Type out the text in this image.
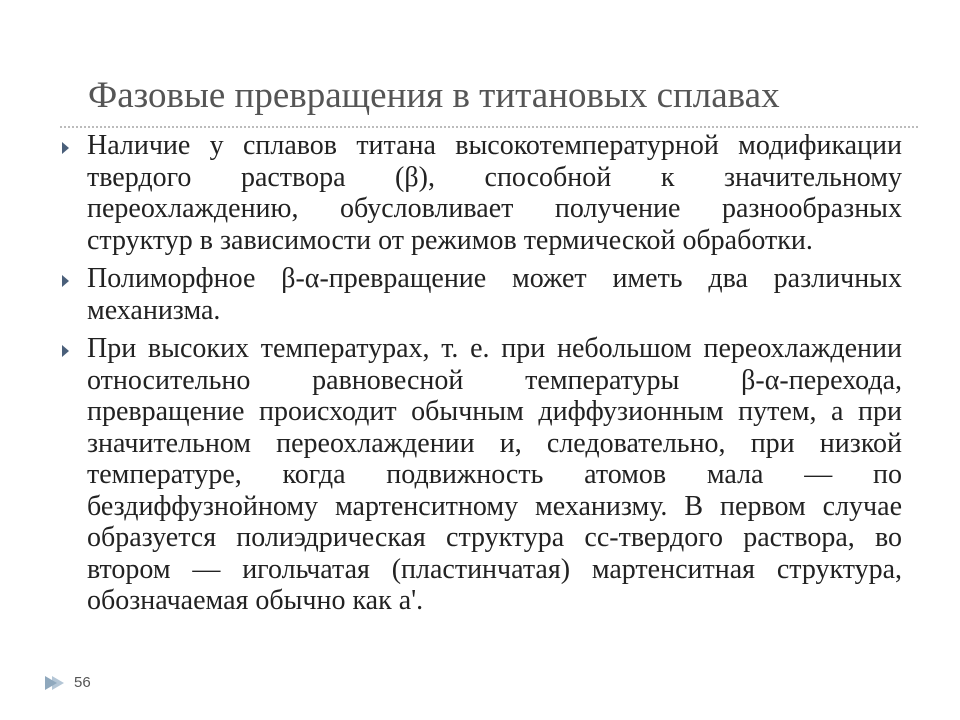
Фазовые превращения в титановых сплавах
Наличие у сплавов титана высокотемпературной модификации твердого раствора (β), способной к значительному переохлаждению, обусловливает получение разнообразных структур в зависимости от режимов термической обработки.
Полиморфное β-α-превращение может иметь два различных механизма.
При высоких температурах, т. е. при небольшом переохлаждении относительно равновесной температуры β-α-перехода, превращение происходит обычным диффузионным путем, а при значительном переохлаждении и, следовательно, при низкой температуре, когда подвижность атомов мала — по бездиффузнойному мартенситному механизму. В первом случае образуется полиэдрическая структура сс-твердого раствора, во втором — игольчатая (пластинчатая) мартенситная структура, обозначаемая обычно как a'.
56
